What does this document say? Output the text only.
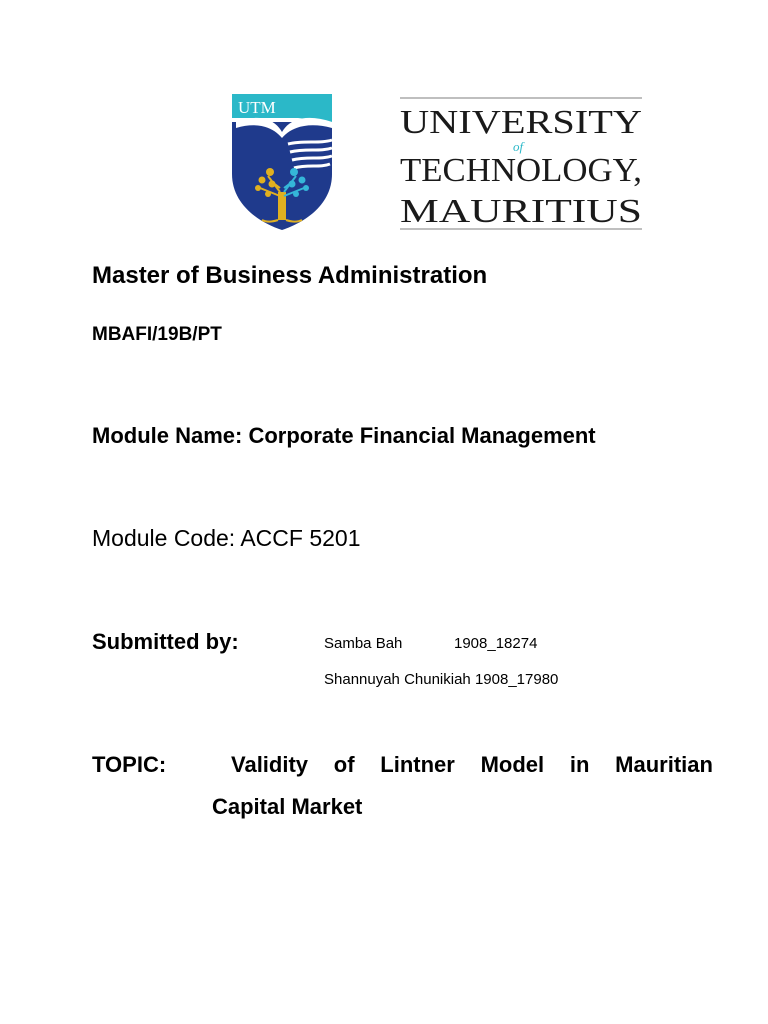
UTM	UNIVERSITY
of
TECHNOLOGY,
MAURITIUS

Master of Business Administration

MBAFI/19B/PT

Module Name: Corporate Financial Management

Module Code: ACCF 5201

Submitted by:	Samba Bah	1908_18274

Shannuyah Chunikiah 1908_17980

TOPIC:	Validity of Lintner Model in Mauritian

Capital Market
